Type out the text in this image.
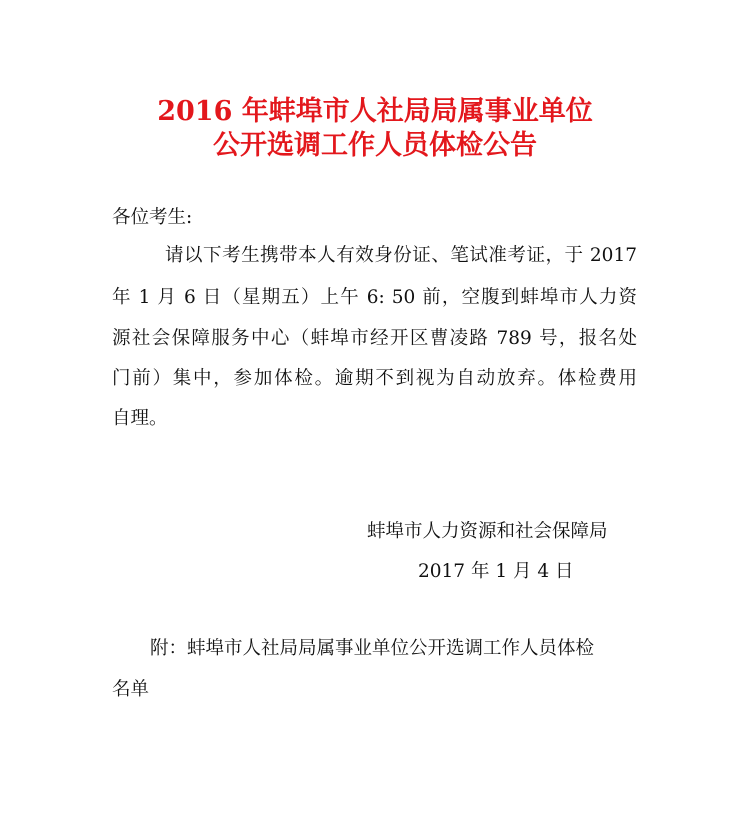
2016 年蚌埠市人社局局属事业单位
公开选调工作人员体检公告
各位考生:
请以下考生携带本人有效身份证、笔试准考证，于 2017
年 1 月 6 日（星期五）上午 6: 50 前，空腹到蚌埠市人力资
源社会保障服务中心（蚌埠市经开区曹凌路 789 号，报名处
门前）集中，参加体检。逾期不到视为自动放弃。体检费用
自理。
蚌埠市人力资源和社会保障局
2017 年 1 月 4 日
附：蚌埠市人社局局属事业单位公开选调工作人员体检
名单
